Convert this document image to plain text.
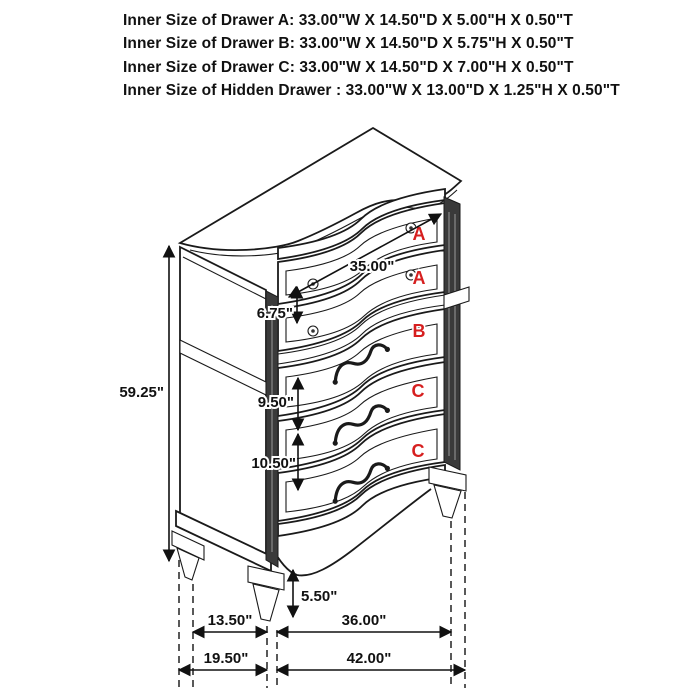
Inner Size of Drawer A: 33.00"W X 14.50"D X 5.00"H X 0.50"T
Inner Size of Drawer B: 33.00"W X 14.50"D X 5.75"H X 0.50"T
Inner Size of Drawer C: 33.00"W X 14.50"D X 7.00"H X 0.50"T
Inner Size of Hidden Drawer : 33.00"W X 13.00"D X 1.25"H X 0.50"T
A
A
B
C
C
59.25"
35.00"
6.75"
9.50"
10.50"
5.50"
13.50"	36.00"
19.50"	42.00"
